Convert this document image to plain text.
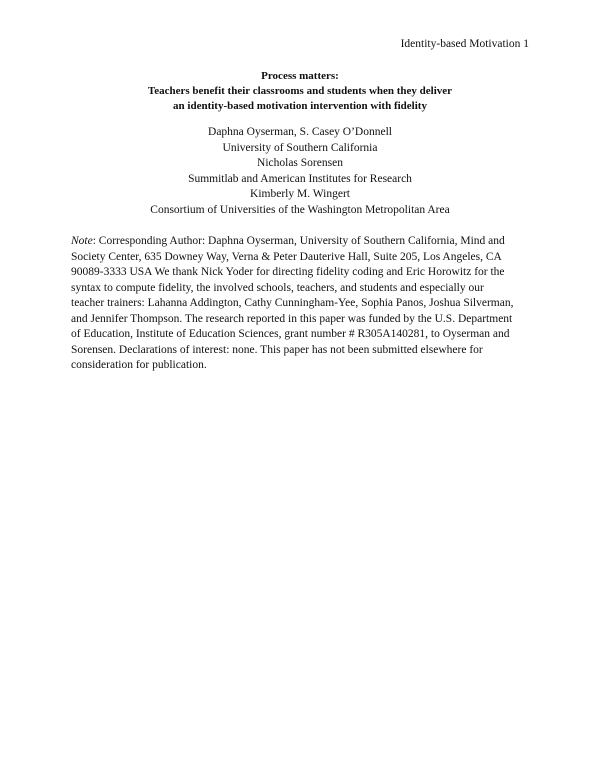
Identity-based Motivation 1
Process matters:
Teachers benefit their classrooms and students when they deliver
an identity-based motivation intervention with fidelity
Daphna Oyserman, S. Casey O’Donnell
University of Southern California
Nicholas Sorensen
Summitlab and American Institutes for Research
Kimberly M. Wingert
Consortium of Universities of the Washington Metropolitan Area
Note: Corresponding Author: Daphna Oyserman, University of Southern California, Mind and
Society Center, 635 Downey Way, Verna & Peter Dauterive Hall, Suite 205, Los Angeles, CA
90089-3333 USA We thank Nick Yoder for directing fidelity coding and Eric Horowitz for the
syntax to compute fidelity, the involved schools, teachers, and students and especially our
teacher trainers: Lahanna Addington, Cathy Cunningham-Yee, Sophia Panos, Joshua Silverman,
and Jennifer Thompson. The research reported in this paper was funded by the U.S. Department
of Education, Institute of Education Sciences, grant number # R305A140281, to Oyserman and
Sorensen. Declarations of interest: none. This paper has not been submitted elsewhere for
consideration for publication.
